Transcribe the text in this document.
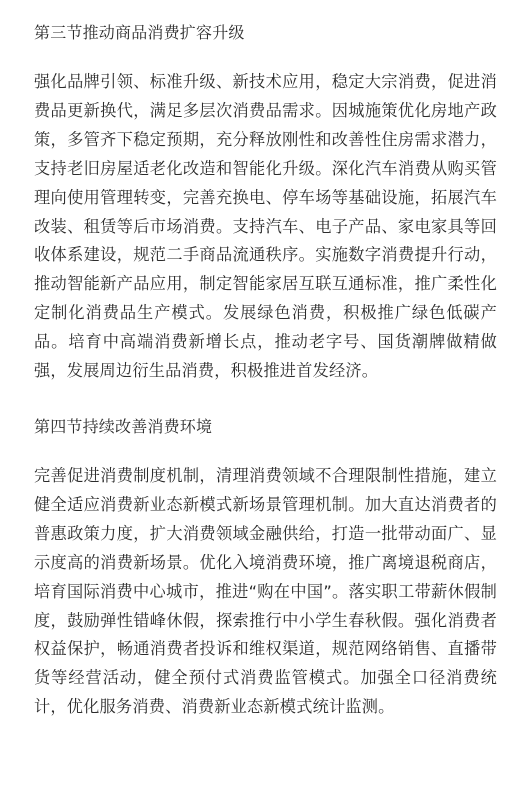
第三节推动商品消费扩容升级

强化品牌引领、标准升级、新技术应用，稳定大宗消费，促进消费品更新换代，满足多层次消费品需求。因城施策优化房地产政策，多管齐下稳定预期，充分释放刚性和改善性住房需求潜力，支持老旧房屋适老化改造和智能化升级。深化汽车消费从购买管理向使用管理转变，完善充换电、停车场等基础设施，拓展汽车改装、租赁等后市场消费。支持汽车、电子产品、家电家具等回收体系建设，规范二手商品流通秩序。实施数字消费提升行动，推动智能新产品应用，制定智能家居互联互通标准，推广柔性化定制化消费品生产模式。发展绿色消费，积极推广绿色低碳产品。培育中高端消费新增长点，推动老字号、国货潮牌做精做强，发展周边衍生品消费，积极推进首发经济。

第四节持续改善消费环境

完善促进消费制度机制，清理消费领域不合理限制性措施，建立健全适应消费新业态新模式新场景管理机制。加大直达消费者的普惠政策力度，扩大消费领域金融供给，打造一批带动面广、显示度高的消费新场景。优化入境消费环境，推广离境退税商店，培育国际消费中心城市，推进“购在中国”。落实职工带薪休假制度，鼓励弹性错峰休假，探索推行中小学生春秋假。强化消费者权益保护，畅通消费者投诉和维权渠道，规范网络销售、直播带货等经营活动，健全预付式消费监管模式。加强全口径消费统计，优化服务消费、消费新业态新模式统计监测。
